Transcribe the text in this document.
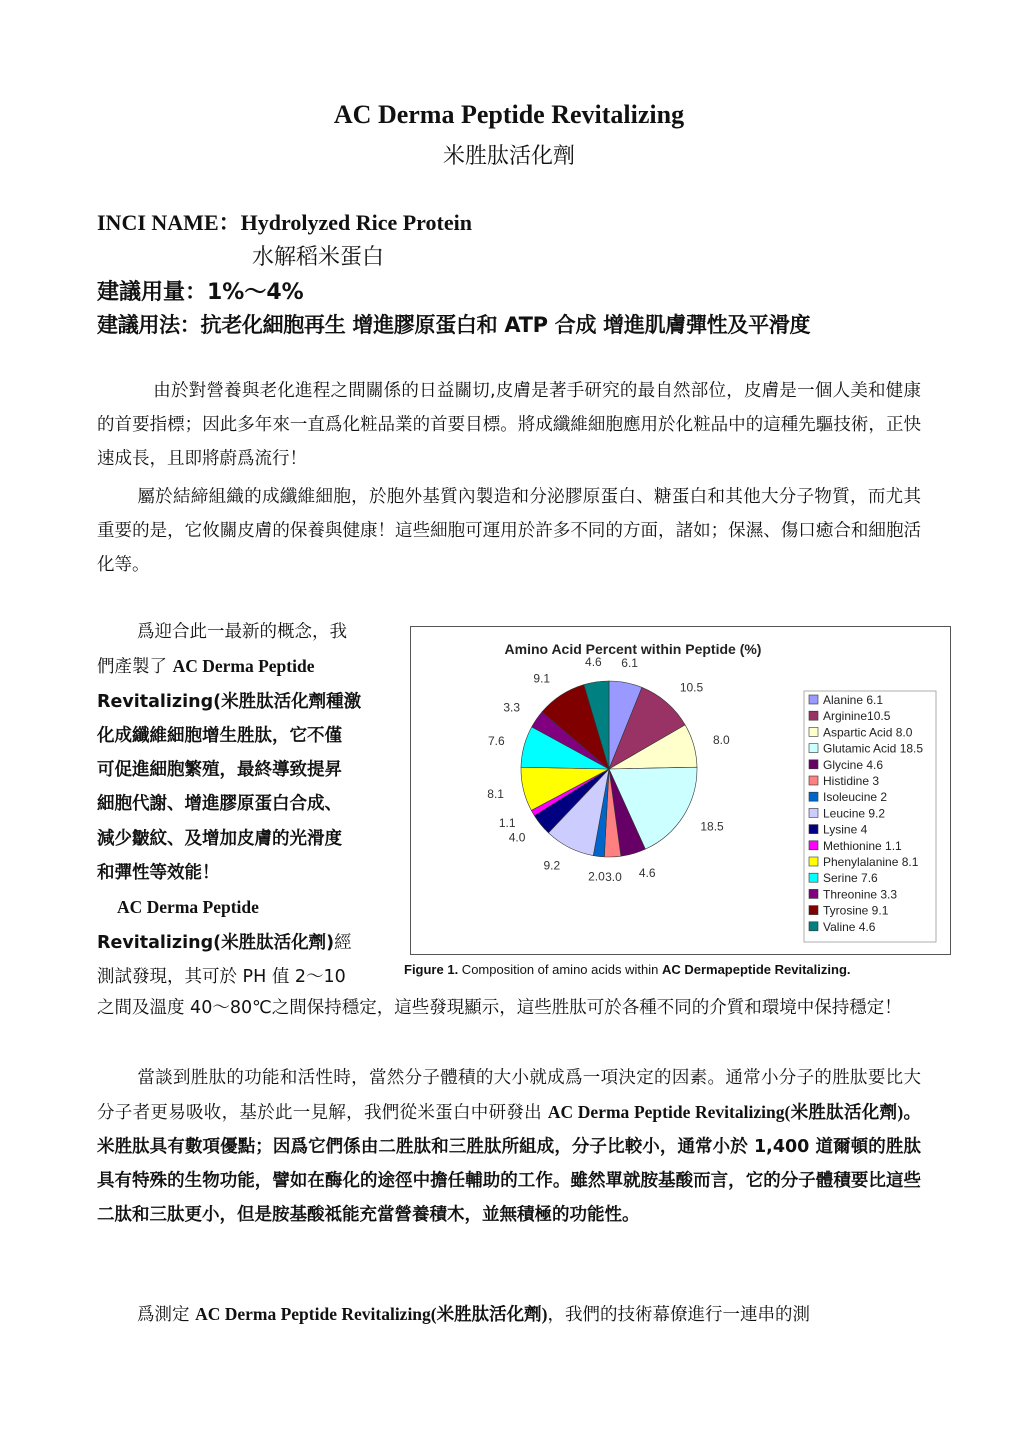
AC Derma Peptide Revitalizing
米胜肽活化劑
INCI NAME：Hydrolyzed Rice Protein
水解稻米蛋白
建議用量：1%～4%
建議用法：抗老化細胞再生 增進膠原蛋白和 ATP 合成 增進肌膚彈性及平滑度
由於對營養與老化進程之間關係的日益關切,皮膚是著手研究的最自然部位，皮膚是一個人美和健康的首要指標；因此多年來一直爲化粧品業的首要目標。將成纖維細胞應用於化粧品中的這種先驅技術，正快速成長，且即將蔚爲流行！
屬於結締組織的成纖維細胞，於胞外基質內製造和分泌膠原蛋白、糖蛋白和其他大分子物質，而尤其重要的是，它攸關皮膚的保養與健康！這些細胞可運用於許多不同的方面，諸如；保濕、傷口癒合和細胞活化等。
爲迎合此一最新的概念，我
們產製了 AC Derma Peptide
Revitalizing(米胜肽活化劑種激
化成纖維細胞增生胜肽，它不僅
可促進細胞繁殖，最終導致提昇
細胞代謝、增進膠原蛋白合成、
減少皺紋、及增加皮膚的光滑度
和彈性等效能！
AC Derma Peptide
Revitalizing(米胜肽活化劑)經
測試發現，其可於 PH 值 2～10
Amino Acid Percent within Peptide (%)
6.1
10.5
8.0
18.5
4.6
3.0
2.0
9.2
4.0
1.1
8.1
7.6
3.3
9.1
4.6
Alanine 6.1
Arginine10.5
Aspartic Acid 8.0
Glutamic Acid 18.5
Glycine 4.6
Histidine 3
Isoleucine 2
Leucine 9.2
Lysine 4
Methionine 1.1
Phenylalanine 8.1
Serine 7.6
Threonine 3.3
Tyrosine 9.1
Valine 4.6
Figure 1. Composition of amino acids within AC Dermapeptide Revitalizing.
之間及溫度 40～80℃之間保持穩定，這些發現顯示，這些胜肽可於各種不同的介質和環境中保持穩定！
當談到胜肽的功能和活性時，當然分子體積的大小就成爲一項決定的因素。通常小分子的胜肽要比大分子者更易吸收，基於此一見解，我們從米蛋白中研發出 AC Derma Peptide Revitalizing(米胜肽活化劑)。米胜肽具有數項優點；因爲它們係由二胜肽和三胜肽所組成，分子比較小，通常小於 1,400 道爾頓的胜肽具有特殊的生物功能，譬如在酶化的途徑中擔任輔助的工作。雖然單就胺基酸而言，它的分子體積要比這些二肽和三肽更小，但是胺基酸祗能充當營養積木，並無積極的功能性。
爲測定 AC Derma Peptide Revitalizing(米胜肽活化劑)，我們的技術幕僚進行一連串的測
